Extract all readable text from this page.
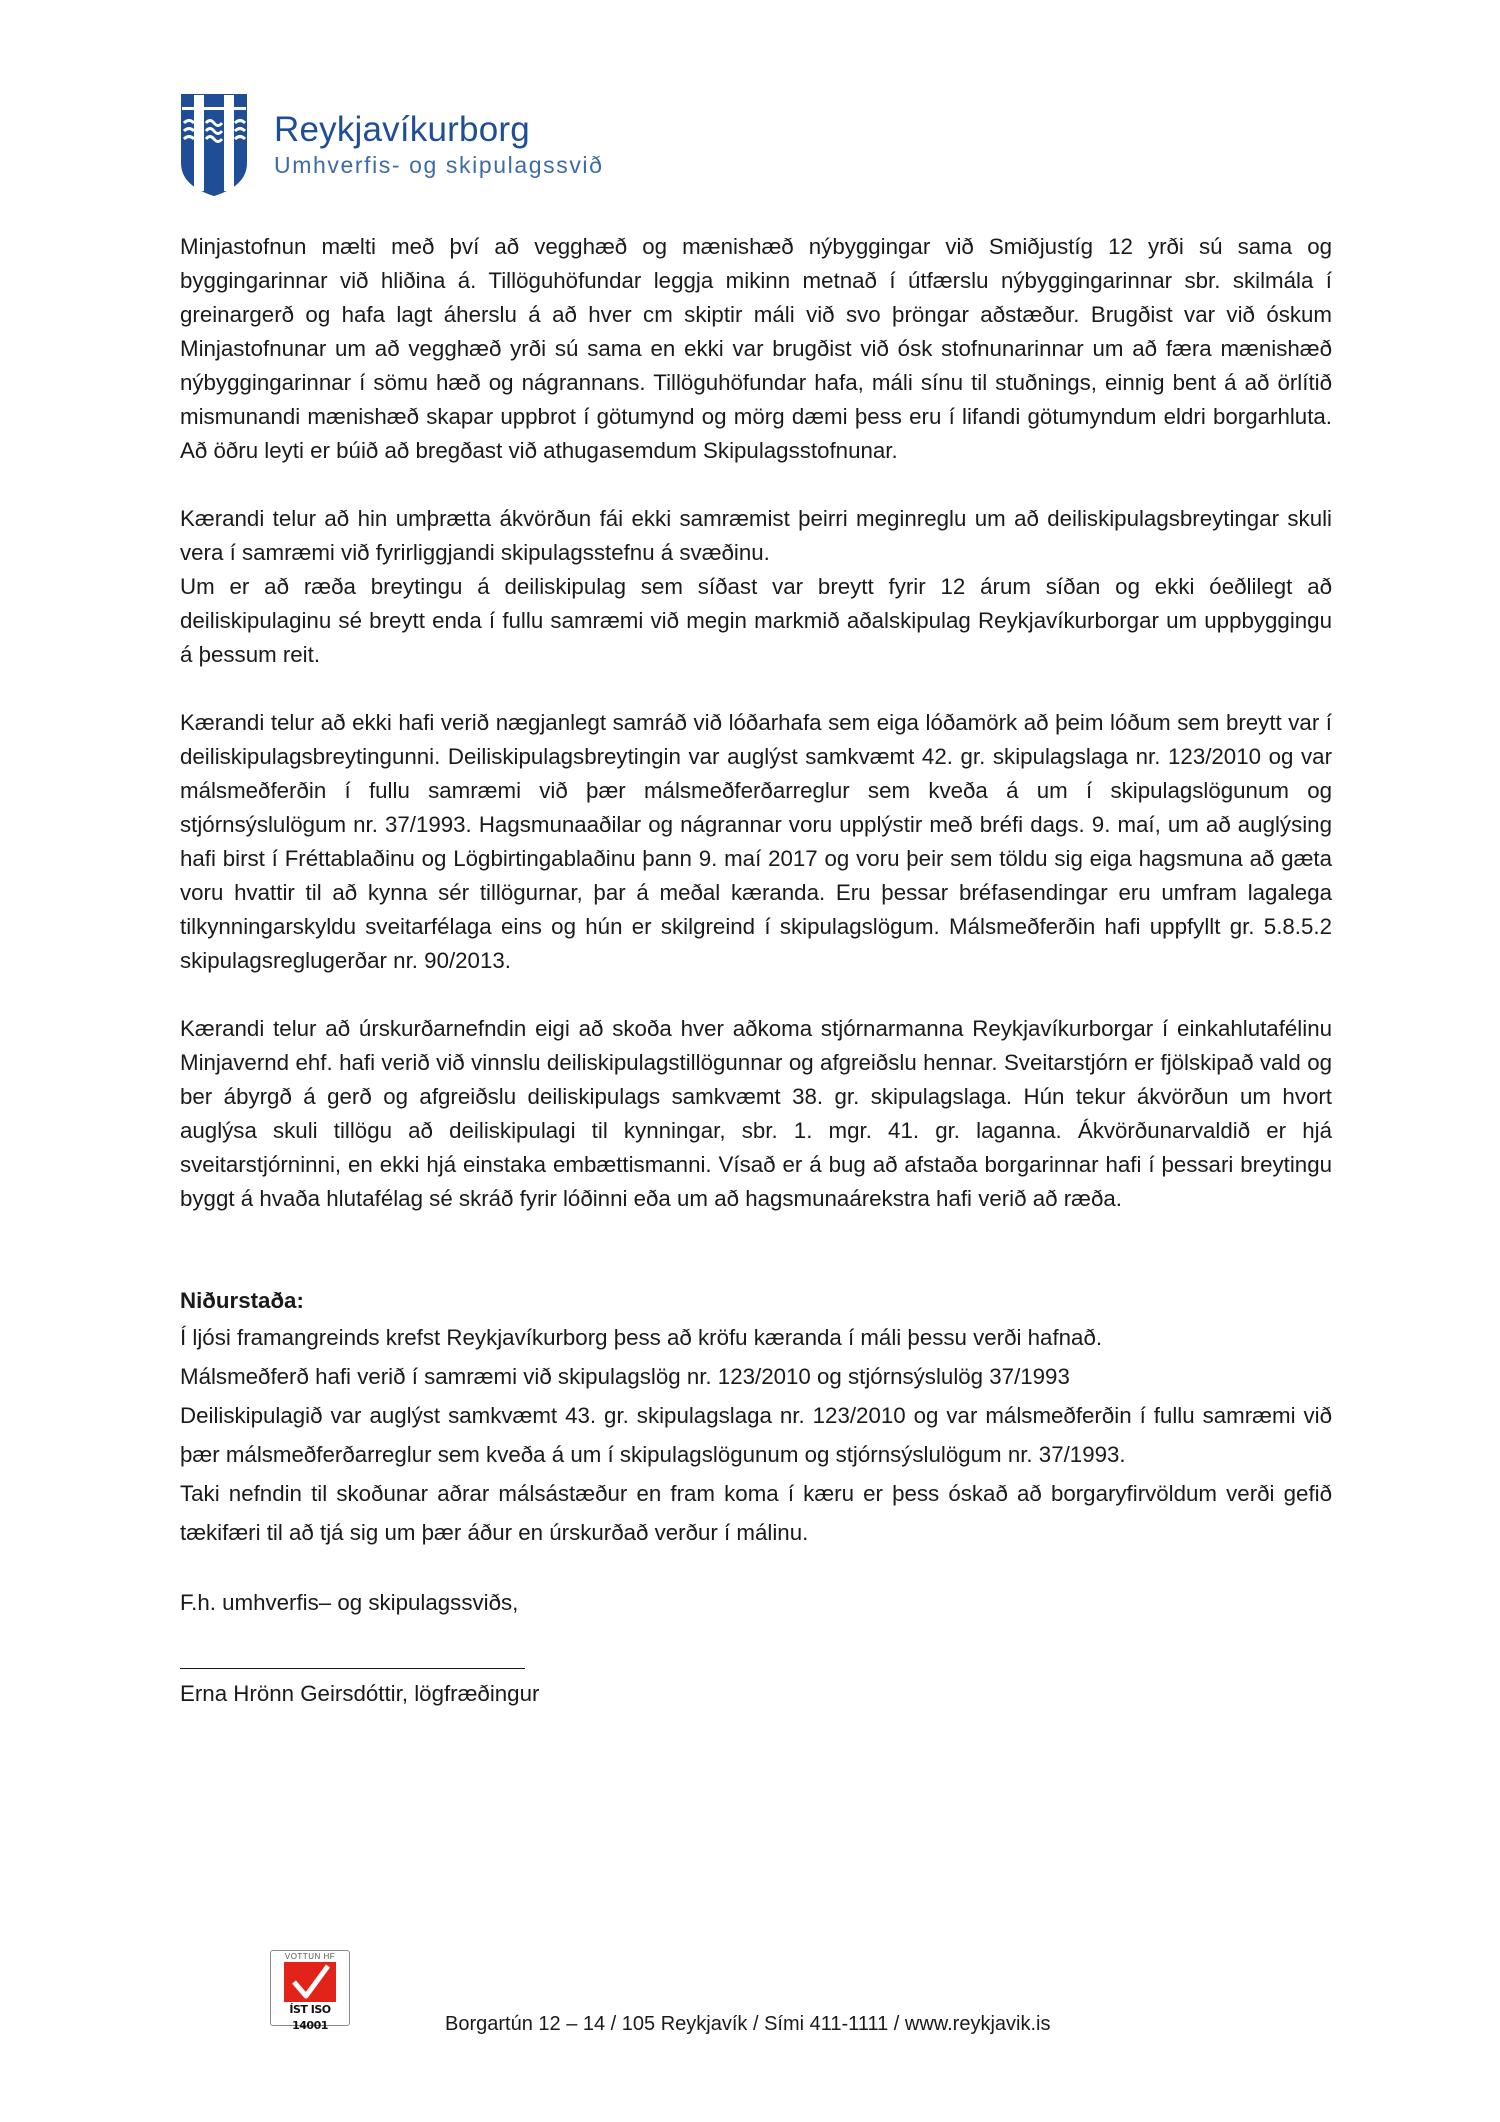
Reykjavíkurborg
Umhverfis- og skipulagssvið

Minjastofnun mælti með því að vegghæð og mænishæð nýbyggingar við Smiðjustíg 12 yrði sú sama og byggingarinnar við hliðina á. Tillöguhöfundar leggja mikinn metnað í útfærslu nýbyggingarinnar sbr. skilmála í greinargerð og hafa lagt áherslu á að hver cm skiptir máli við svo þröngar aðstæður. Brugðist var við óskum Minjastofnunar um að vegghæð yrði sú sama en ekki var brugðist við ósk stofnunarinnar um að færa mænishæð nýbyggingarinnar í sömu hæð og nágrannans. Tillöguhöfundar hafa, máli sínu til stuðnings, einnig bent á að örlítið mismunandi mænishæð skapar uppbrot í götumynd og mörg dæmi þess eru í lifandi götumyndum eldri borgarhluta. Að öðru leyti er búið að bregðast við athugasemdum Skipulagsstofnunar.

Kærandi telur að hin umþrætta ákvörðun fái ekki samræmist þeirri meginreglu um að deiliskipulagsbreytingar skuli vera í samræmi við fyrirliggjandi skipulagsstefnu á svæðinu.

Um er að ræða breytingu á deiliskipulag sem síðast var breytt fyrir 12 árum síðan og ekki óeðlilegt að deiliskipulaginu sé breytt enda í fullu samræmi við megin markmið aðalskipulag Reykjavíkurborgar um uppbyggingu á þessum reit.

Kærandi telur að ekki hafi verið nægjanlegt samráð við lóðarhafa sem eiga lóðamörk að þeim lóðum sem breytt var í deiliskipulagsbreytingunni. Deiliskipulagsbreytingin var auglýst samkvæmt 42. gr. skipulagslaga nr. 123/2010 og var málsmeðferðin í fullu samræmi við þær málsmeðferðarreglur sem kveða á um í skipulagslögunum og stjórnsýslulögum nr. 37/1993. Hagsmunaaðilar og nágrannar voru upplýstir með bréfi dags. 9. maí, um að auglýsing hafi birst í Fréttablaðinu og Lögbirtingablaðinu þann 9. maí 2017 og voru þeir sem töldu sig eiga hagsmuna að gæta voru hvattir til að kynna sér tillögurnar, þar á meðal kæranda. Eru þessar bréfasendingar eru umfram lagalega tilkynningarskyldu sveitarfélaga eins og hún er skilgreind í skipulagslögum. Málsmeðferðin hafi uppfyllt gr. 5.8.5.2 skipulagsreglugerðar nr. 90/2013.

Kærandi telur að úrskurðarnefndin eigi að skoða hver aðkoma stjórnarmanna Reykjavíkurborgar í einkahlutafélinu Minjavernd ehf. hafi verið við vinnslu deiliskipulagstillögunnar og afgreiðslu hennar. Sveitarstjórn er fjölskipað vald og ber ábyrgð á gerð og afgreiðslu deiliskipulags samkvæmt 38. gr. skipulagslaga. Hún tekur ákvörðun um hvort auglýsa skuli tillögu að deiliskipulagi til kynningar, sbr. 1. mgr. 41. gr. laganna. Ákvörðunarvaldið er hjá sveitarstjórninni, en ekki hjá einstaka embættismanni. Vísað er á bug að afstaða borgarinnar hafi í þessari breytingu byggt á hvaða hlutafélag sé skráð fyrir lóðinni eða um að hagsmunaárekstra hafi verið að ræða.

Niðurstaða:

Í ljósi framangreinds krefst Reykjavíkurborg þess að kröfu kæranda í máli þessu verði hafnað.

Málsmeðferð hafi verið í samræmi við skipulagslög nr. 123/2010 og stjórnsýslulög 37/1993

Deiliskipulagið var auglýst samkvæmt 43. gr. skipulagslaga nr. 123/2010 og var málsmeðferðin í fullu samræmi við þær málsmeðferðarreglur sem kveða á um í skipulagslögunum og stjórnsýslulögum nr. 37/1993.

Taki nefndin til skoðunar aðrar málsástæður en fram koma í kæru er þess óskað að borgaryfirvöldum verði gefið tækifæri til að tjá sig um þær áður en úrskurðað verður í málinu.

F.h. umhverfis– og skipulagssviðs,
Erna Hrönn Geirsdóttir, lögfræðingur
VOTTUN HF
ÍST ISO 14001	Borgartún 12 – 14 / 105 Reykjavík / Sími 411-1111 / www.reykjavik.is
